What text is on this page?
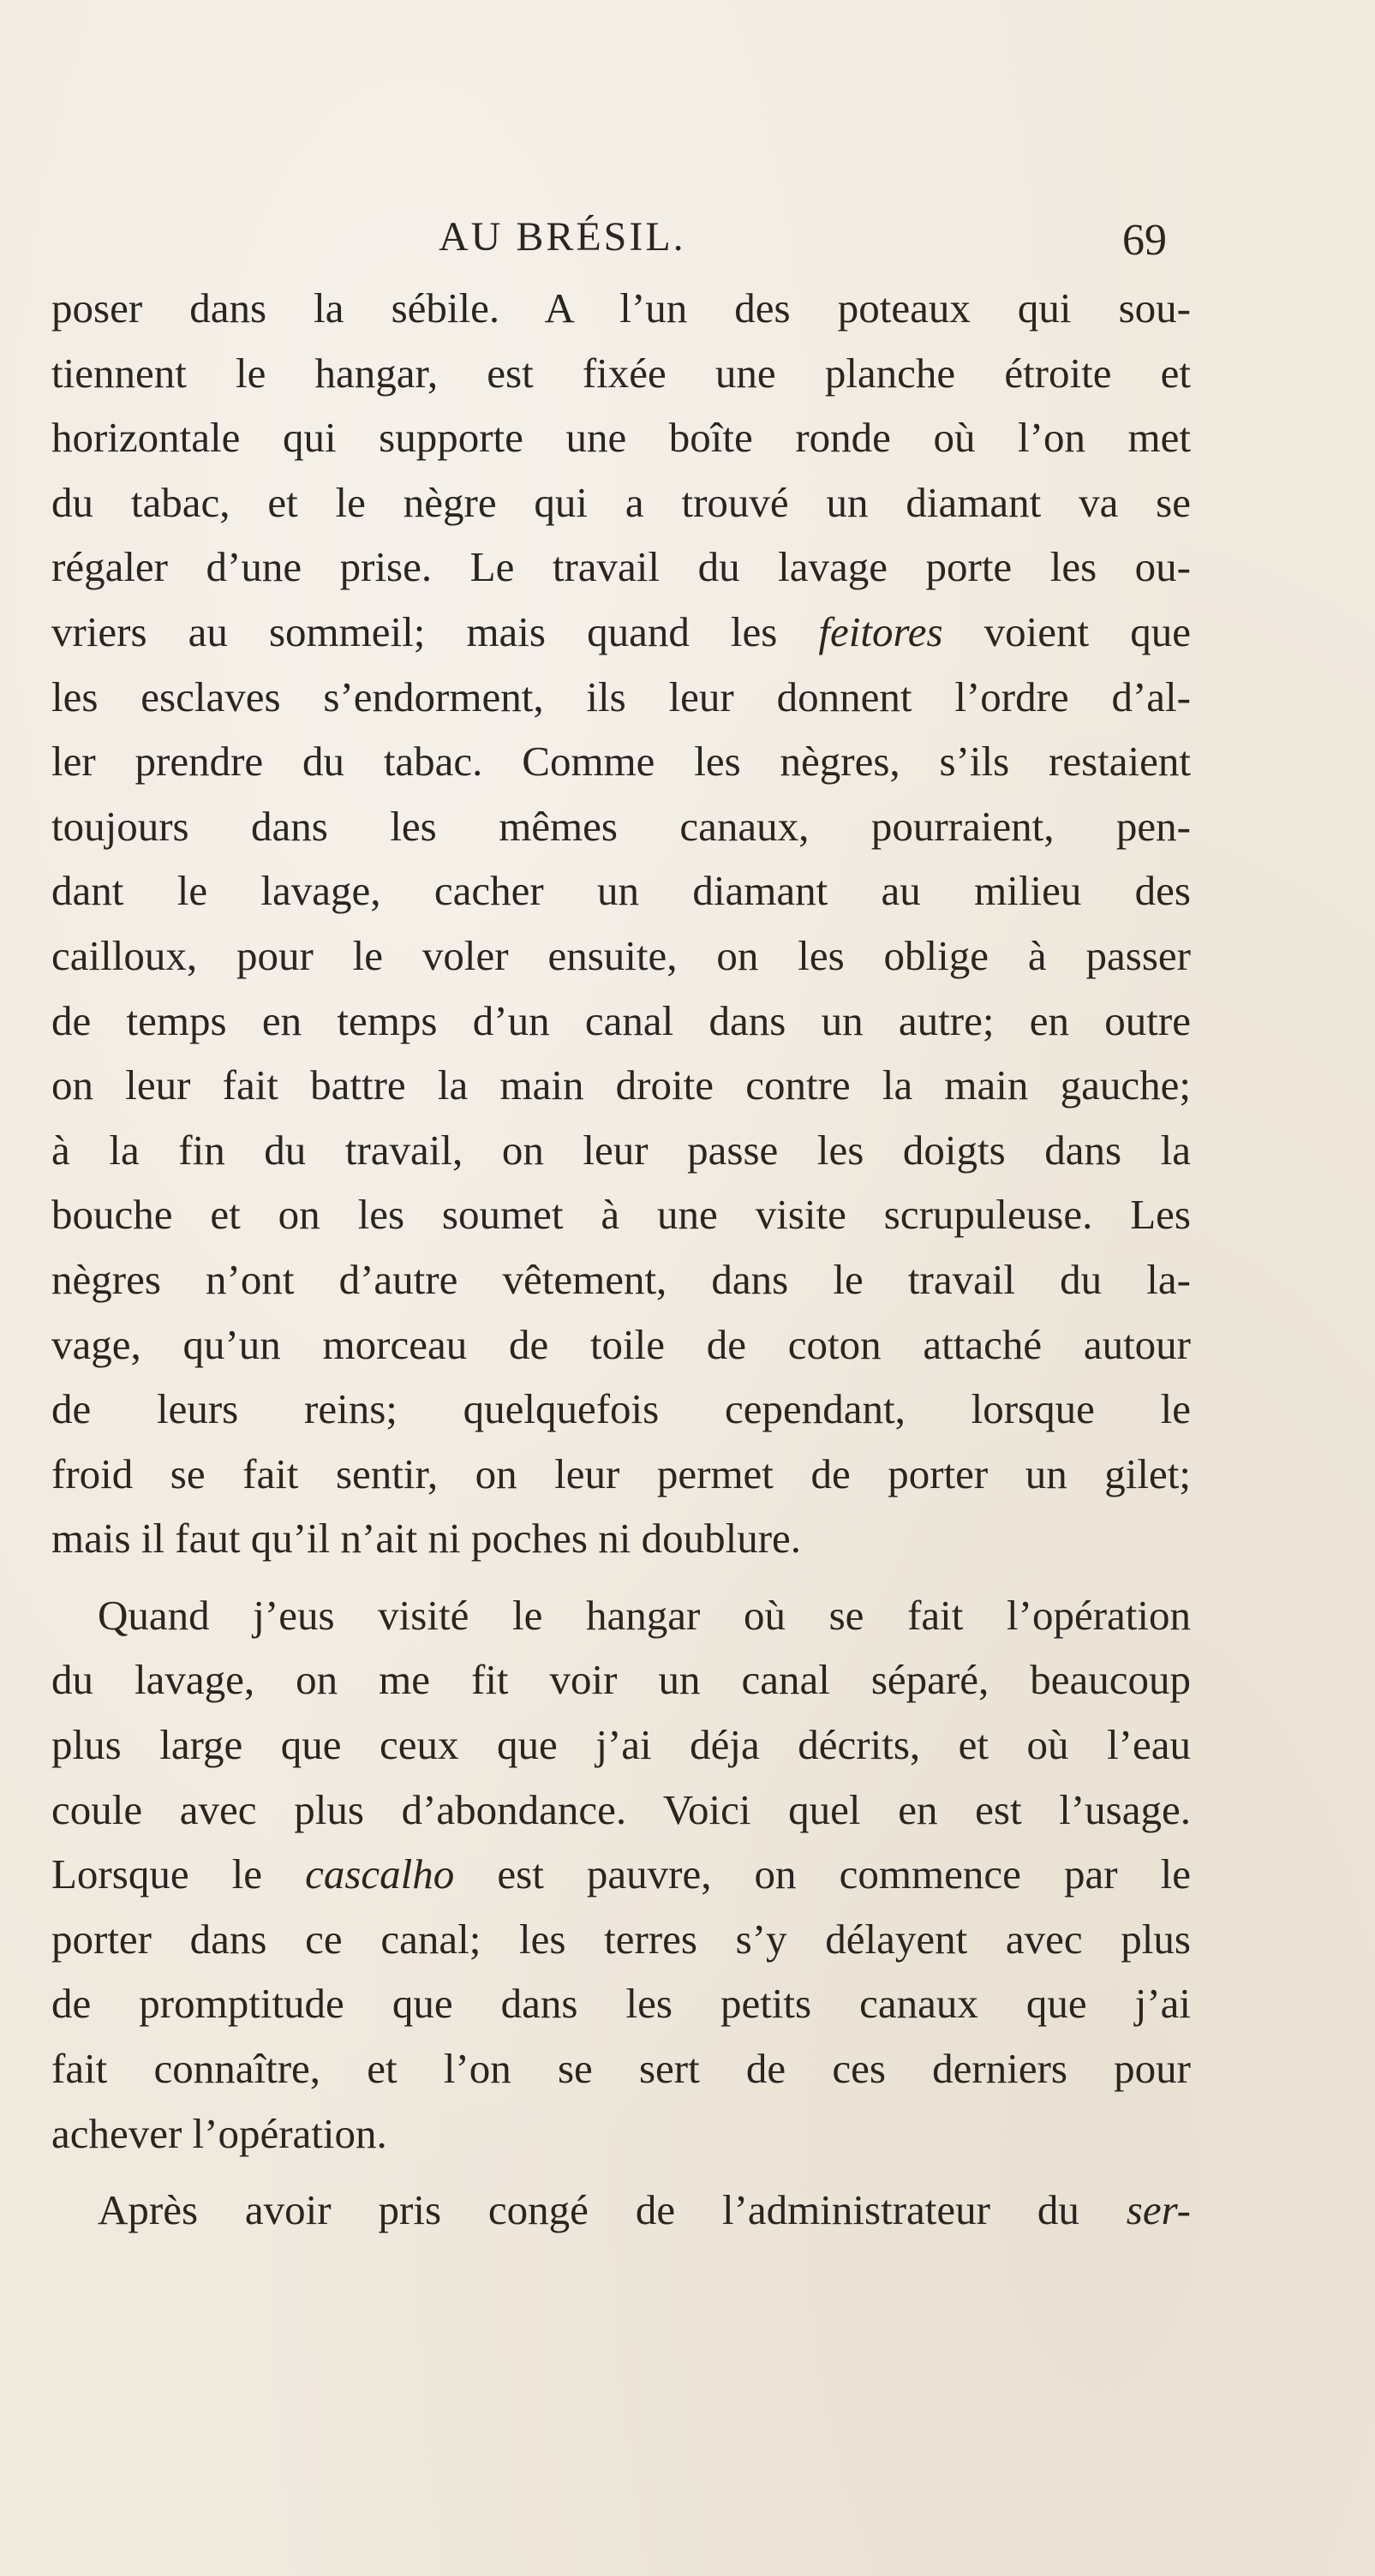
AU BRÉSIL.	69
poser dans la sébile. A l’un des poteaux qui sou-
tiennent le hangar, est fixée une planche étroite et
horizontale qui supporte une boîte ronde où l’on met
du tabac, et le nègre qui a trouvé un diamant va se
régaler d’une prise. Le travail du lavage porte les ou-
vriers au sommeil; mais quand les feitores voient que
les esclaves s’endorment, ils leur donnent l’ordre d’al-
ler prendre du tabac. Comme les nègres, s’ils restaient
toujours dans les mêmes canaux, pourraient, pen-
dant le lavage, cacher un diamant au milieu des
cailloux, pour le voler ensuite, on les oblige à passer
de temps en temps d’un canal dans un autre; en outre
on leur fait battre la main droite contre la main gauche;
à la fin du travail, on leur passe les doigts dans la
bouche et on les soumet à une visite scrupuleuse. Les
nègres n’ont d’autre vêtement, dans le travail du la-
vage, qu’un morceau de toile de coton attaché autour
de leurs reins; quelquefois cependant, lorsque le
froid se fait sentir, on leur permet de porter un gilet;
mais il faut qu’il n’ait ni poches ni doublure.
Quand j’eus visité le hangar où se fait l’opération
du lavage, on me fit voir un canal séparé, beaucoup
plus large que ceux que j’ai déja décrits, et où l’eau
coule avec plus d’abondance. Voici quel en est l’usage.
Lorsque le cascalho est pauvre, on commence par le
porter dans ce canal; les terres s’y délayent avec plus
de promptitude que dans les petits canaux que j’ai
fait connaître, et l’on se sert de ces derniers pour
achever l’opération.
Après avoir pris congé de l’administrateur du ser-
